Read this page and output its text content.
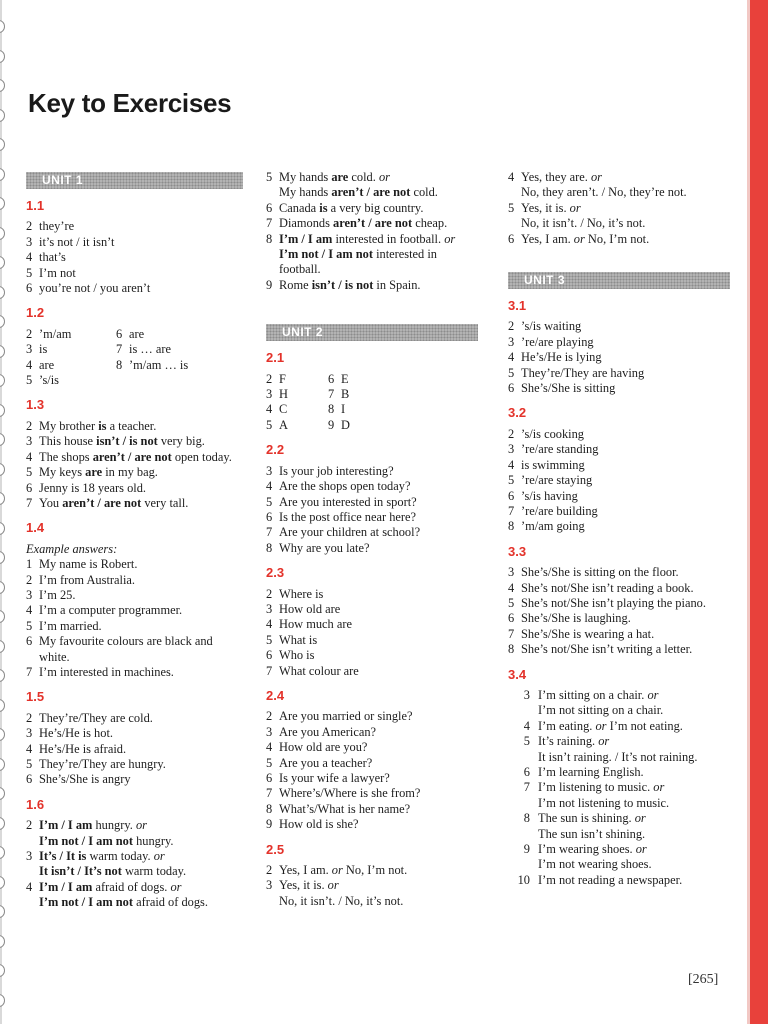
Key to Exercises
UNIT 1
1.1
2 they’re
3 it’s not / it isn’t
4 that’s
5 I’m not
6 you’re not / you aren’t
1.2
2 ’m/am	6 are
3 is	7 is … are
4 are	8 ’m/am … is
5 ’s/is
1.3
2 My brother is a teacher.
3 This house isn’t / is not very big.
4 The shops aren’t / are not open today.
5 My keys are in my bag.
6 Jenny is 18 years old.
7 You aren’t / are not very tall.
1.4
Example answers:
1 My name is Robert.
2 I’m from Australia.
3 I’m 25.
4 I’m a computer programmer.
5 I’m married.
6 My favourite colours are black and white.
7 I’m interested in machines.
1.5
2 They’re/They are cold.
3 He’s/He is hot.
4 He’s/He is afraid.
5 They’re/They are hungry.
6 She’s/She is angry
1.6
2 I’m / I am hungry. or
I’m not / I am not hungry.
3 It’s / It is warm today. or
It isn’t / It’s not warm today.
4 I’m / I am afraid of dogs. or
I’m not / I am not afraid of dogs.
5 My hands are cold. or
My hands aren’t / are not cold.
6 Canada is a very big country.
7 Diamonds aren’t / are not cheap.
8 I’m / I am interested in football. or
I’m not / I am not interested in football.
9 Rome isn’t / is not in Spain.
UNIT 2
2.1
2 F	6 E
3 H	7 B
4 C	8 I
5 A	9 D
2.2
3 Is your job interesting?
4 Are the shops open today?
5 Are you interested in sport?
6 Is the post office near here?
7 Are your children at school?
8 Why are you late?
2.3
2 Where is
3 How old are
4 How much are
5 What is
6 Who is
7 What colour are
2.4
2 Are you married or single?
3 Are you American?
4 How old are you?
5 Are you a teacher?
6 Is your wife a lawyer?
7 Where’s/Where is she from?
8 What’s/What is her name?
9 How old is she?
2.5
2 Yes, I am. or No, I’m not.
3 Yes, it is. or
No, it isn’t. / No, it’s not.
4 Yes, they are. or
No, they aren’t. / No, they’re not.
5 Yes, it is. or
No, it isn’t. / No, it’s not.
6 Yes, I am. or No, I’m not.
UNIT 3
3.1
2 ’s/is waiting
3 ’re/are playing
4 He’s/He is lying
5 They’re/They are having
6 She’s/She is sitting
3.2
2 ’s/is cooking
3 ’re/are standing
4 is swimming
5 ’re/are staying
6 ’s/is having
7 ’re/are building
8 ’m/am going
3.3
3 She’s/She is sitting on the floor.
4 She’s not/She isn’t reading a book.
5 She’s not/She isn’t playing the piano.
6 She’s/She is laughing.
7 She’s/She is wearing a hat.
8 She’s not/She isn’t writing a letter.
3.4
3 I’m sitting on a chair. or
I’m not sitting on a chair.
4 I’m eating. or I’m not eating.
5 It’s raining. or
It isn’t raining. / It’s not raining.
6 I’m learning English.
7 I’m listening to music. or
I’m not listening to music.
8 The sun is shining. or
The sun isn’t shining.
9 I’m wearing shoes. or
I’m not wearing shoes.
10 I’m not reading a newspaper.
[265]
